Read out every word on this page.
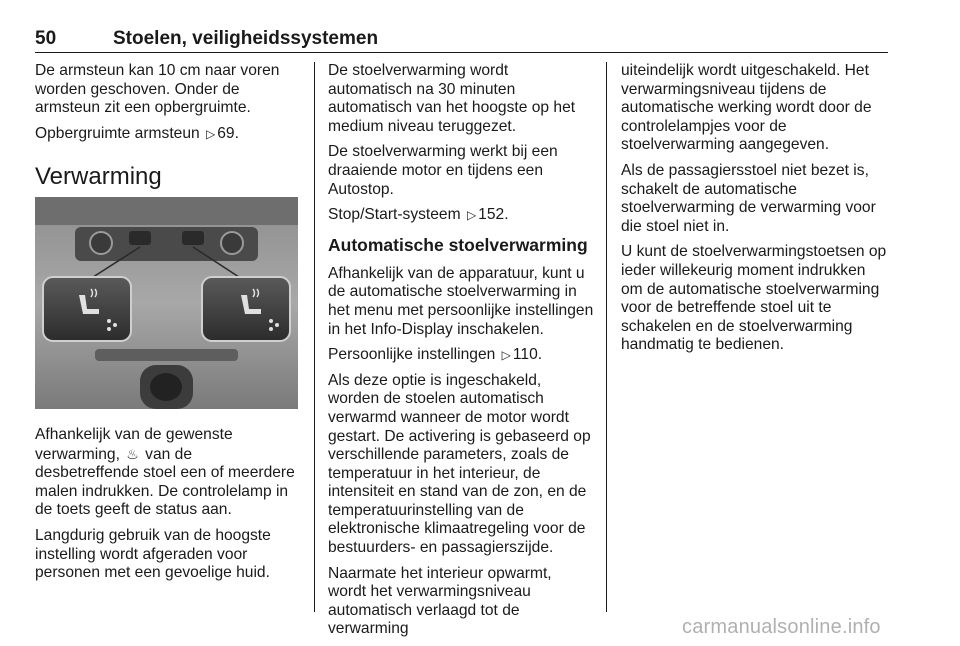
50	Stoelen, veiligheidssystemen

De armsteun kan 10 cm naar voren worden geschoven. Onder de armsteun zit een opbergruimte.

Opbergruimte armsteun ▷ 69.

Verwarming

Afhankelijk van de gewenste verwarming, ♨ van de desbetreffende stoel een of meerdere malen indrukken. De controlelamp in de toets geeft de status aan.

Langdurig gebruik van de hoogste instelling wordt afgeraden voor personen met een gevoelige huid.

De stoelverwarming wordt automatisch na 30 minuten automatisch van het hoogste op het medium niveau teruggezet.

De stoelverwarming werkt bij een draaiende motor en tijdens een Autostop.

Stop/Start-systeem ▷ 152.

Automatische stoelverwarming

Afhankelijk van de apparatuur, kunt u de automatische stoelverwarming in het menu met persoonlijke instellingen in het Info-Display inschakelen.

Persoonlijke instellingen ▷ 110.

Als deze optie is ingeschakeld, worden de stoelen automatisch verwarmd wanneer de motor wordt gestart. De activering is gebaseerd op verschillende parameters, zoals de temperatuur in het interieur, de intensiteit en stand van de zon, en de temperatuurinstelling van de elektronische klimaatregeling voor de bestuurders- en passagierszijde.

Naarmate het interieur opwarmt, wordt het verwarmingsniveau automatisch verlaagd tot de verwarming

uiteindelijk wordt uitgeschakeld. Het verwarmingsniveau tijdens de automatische werking wordt door de controlelampjes voor de stoelverwarming aangegeven.

Als de passagiersstoel niet bezet is, schakelt de automatische stoelverwarming de verwarming voor die stoel niet in.

U kunt de stoelverwarmingstoetsen op ieder willekeurig moment indrukken om de automatische stoelverwarming voor de betreffende stoel uit te schakelen en de stoelverwarming handmatig te bedienen.

carmanualsonline.info
